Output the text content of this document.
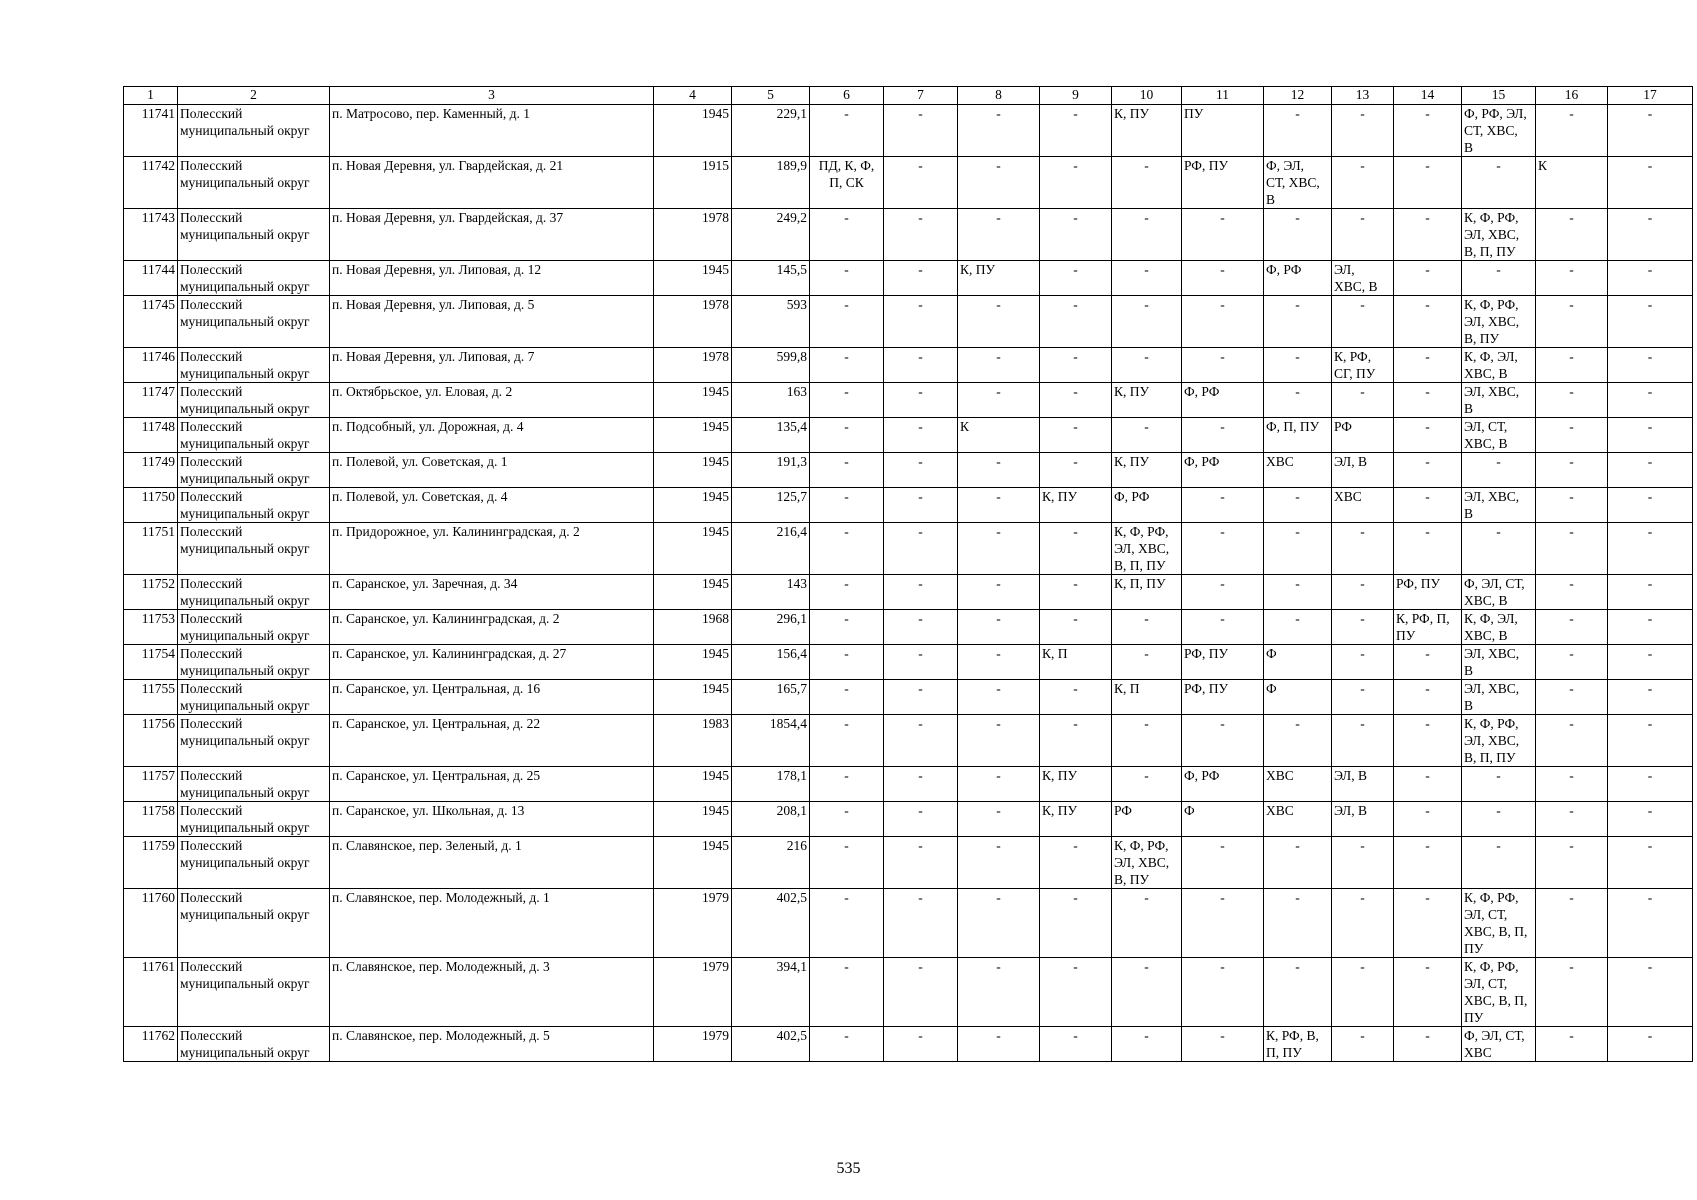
1	2	3	4	5	6	7	8	9	10	11	12	13	14	15	16	17
11741	Полесский
муниципальный округ	п. Матросово, пер. Каменный, д. 1	1945	229,1	-	-	-	-	К, ПУ	ПУ	-	-	-	Ф, РФ, ЭЛ,
СТ, ХВС,
В	-	-
11742	Полесский
муниципальный округ	п. Новая Деревня, ул. Гвардейская, д. 21	1915	189,9	ПД, К, Ф,
П, СК	-	-	-	-	РФ, ПУ	Ф, ЭЛ,
СТ, ХВС,
В	-	-	-	К	-
11743	Полесский
муниципальный округ	п. Новая Деревня, ул. Гвардейская, д. 37	1978	249,2	-	-	-	-	-	-	-	-	-	К, Ф, РФ,
ЭЛ, ХВС,
В, П, ПУ	-	-
11744	Полесский
муниципальный округ	п. Новая Деревня, ул. Липовая, д. 12	1945	145,5	-	-	К, ПУ	-	-	-	Ф, РФ	ЭЛ,
ХВС, В	-	-	-	-
11745	Полесский
муниципальный округ	п. Новая Деревня, ул. Липовая, д. 5	1978	593	-	-	-	-	-	-	-	-	-	К, Ф, РФ,
ЭЛ, ХВС,
В, ПУ	-	-
11746	Полесский
муниципальный округ	п. Новая Деревня, ул. Липовая, д. 7	1978	599,8	-	-	-	-	-	-	-	К, РФ,
СГ, ПУ	-	К, Ф, ЭЛ,
ХВС, В	-	-
11747	Полесский
муниципальный округ	п. Октябрьское, ул. Еловая, д. 2	1945	163	-	-	-	-	К, ПУ	Ф, РФ	-	-	-	ЭЛ, ХВС,
В	-	-
11748	Полесский
муниципальный округ	п. Подсобный, ул. Дорожная, д. 4	1945	135,4	-	-	К	-	-	-	Ф, П, ПУ	РФ	-	ЭЛ, СТ,
ХВС, В	-	-
11749	Полесский
муниципальный округ	п. Полевой, ул. Советская, д. 1	1945	191,3	-	-	-	-	К, ПУ	Ф, РФ	ХВС	ЭЛ, В	-	-	-	-
11750	Полесский
муниципальный округ	п. Полевой, ул. Советская, д. 4	1945	125,7	-	-	-	К, ПУ	Ф, РФ	-	-	ХВС	-	ЭЛ, ХВС,
В	-	-
11751	Полесский
муниципальный округ	п. Придорожное, ул. Калининградская, д. 2	1945	216,4	-	-	-	-	К, Ф, РФ,
ЭЛ, ХВС,
В, П, ПУ	-	-	-	-	-	-	-
11752	Полесский
муниципальный округ	п. Саранское, ул. Заречная, д. 34	1945	143	-	-	-	-	К, П, ПУ	-	-	-	РФ, ПУ	Ф, ЭЛ, СТ,
ХВС, В	-	-
11753	Полесский
муниципальный округ	п. Саранское, ул. Калининградская, д. 2	1968	296,1	-	-	-	-	-	-	-	-	К, РФ, П,
ПУ	К, Ф, ЭЛ,
ХВС, В	-	-
11754	Полесский
муниципальный округ	п. Саранское, ул. Калининградская, д. 27	1945	156,4	-	-	-	К, П	-	РФ, ПУ	Ф	-	-	ЭЛ, ХВС,
В	-	-
11755	Полесский
муниципальный округ	п. Саранское, ул. Центральная, д. 16	1945	165,7	-	-	-	-	К, П	РФ, ПУ	Ф	-	-	ЭЛ, ХВС,
В	-	-
11756	Полесский
муниципальный округ	п. Саранское, ул. Центральная, д. 22	1983	1854,4	-	-	-	-	-	-	-	-	-	К, Ф, РФ,
ЭЛ, ХВС,
В, П, ПУ	-	-
11757	Полесский
муниципальный округ	п. Саранское, ул. Центральная, д. 25	1945	178,1	-	-	-	К, ПУ	-	Ф, РФ	ХВС	ЭЛ, В	-	-	-	-
11758	Полесский
муниципальный округ	п. Саранское, ул. Школьная, д. 13	1945	208,1	-	-	-	К, ПУ	РФ	Ф	ХВС	ЭЛ, В	-	-	-	-
11759	Полесский
муниципальный округ	п. Славянское, пер. Зеленый, д. 1	1945	216	-	-	-	-	К, Ф, РФ,
ЭЛ, ХВС,
В, ПУ	-	-	-	-	-	-	-
11760	Полесский
муниципальный округ	п. Славянское, пер. Молодежный, д. 1	1979	402,5	-	-	-	-	-	-	-	-	-	К, Ф, РФ,
ЭЛ, СТ,
ХВС, В, П,
ПУ	-	-
11761	Полесский
муниципальный округ	п. Славянское, пер. Молодежный, д. 3	1979	394,1	-	-	-	-	-	-	-	-	-	К, Ф, РФ,
ЭЛ, СТ,
ХВС, В, П,
ПУ	-	-
11762	Полесский
муниципальный округ	п. Славянское, пер. Молодежный, д. 5	1979	402,5	-	-	-	-	-	-	К, РФ, В,
П, ПУ	-	-	Ф, ЭЛ, СТ,
ХВС	-	-
535
